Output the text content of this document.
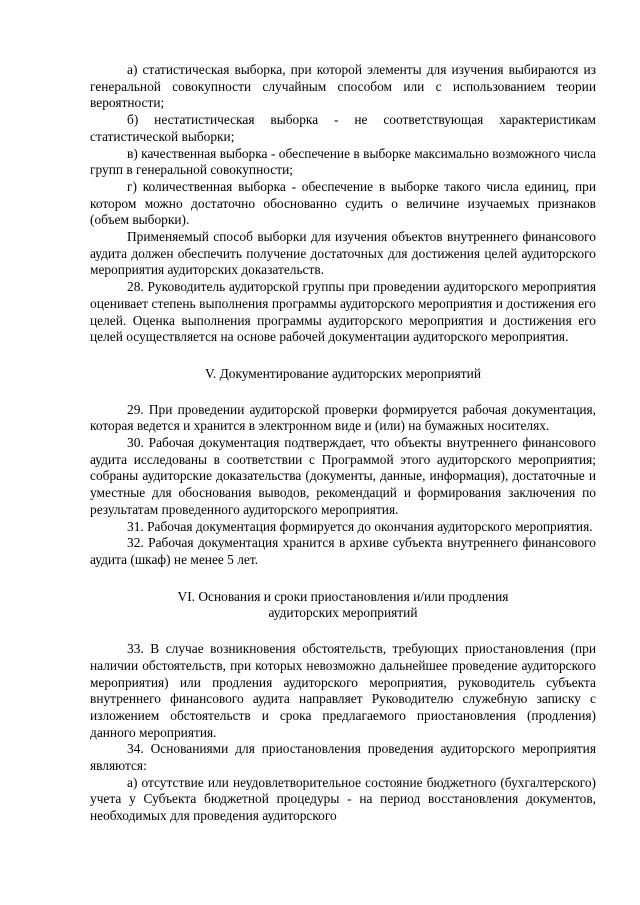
а) статистическая выборка, при которой элементы для изучения выбираются из генеральной совокупности случайным способом или с использованием теории вероятности;

б) нестатистическая выборка - не соответствующая характеристикам статистической выборки;

в) качественная выборка - обеспечение в выборке максимально возможного числа групп в генеральной совокупности;

г) количественная выборка - обеспечение в выборке такого числа единиц, при котором можно достаточно обоснованно судить о величине изучаемых признаков (объем выборки).

Применяемый способ выборки для изучения объектов внутреннего финансового аудита должен обеспечить получение достаточных для достижения целей аудиторского мероприятия аудиторских доказательств.

28. Руководитель аудиторской группы при проведении аудиторского мероприятия оценивает степень выполнения программы аудиторского мероприятия и достижения его целей. Оценка выполнения программы аудиторского мероприятия и достижения его целей осуществляется на основе рабочей документации аудиторского мероприятия.

V. Документирование аудиторских мероприятий

29. При проведении аудиторской проверки формируется рабочая документация, которая ведется и хранится в электронном виде и (или) на бумажных носителях.

30. Рабочая документация подтверждает, что объекты внутреннего финансового аудита исследованы в соответствии с Программой этого аудиторского мероприятия; собраны аудиторские доказательства (документы, данные, информация), достаточные и уместные для обоснования выводов, рекомендаций и формирования заключения по результатам проведенного аудиторского мероприятия.

31. Рабочая документация формируется до окончания аудиторского мероприятия.

32. Рабочая документация хранится в архиве субъекта внутреннего финансового аудита (шкаф) не менее 5 лет.

VI. Основания и сроки приостановления и/или продления

аудиторских мероприятий

33. В случае возникновения обстоятельств, требующих приостановления (при наличии обстоятельств, при которых невозможно дальнейшее проведение аудиторского мероприятия) или продления аудиторского мероприятия, руководитель субъекта внутреннего финансового аудита направляет Руководителю служебную записку с изложением обстоятельств и срока предлагаемого приостановления (продления) данного мероприятия.

34. Основаниями для приостановления проведения аудиторского мероприятия являются:

а) отсутствие или неудовлетворительное состояние бюджетного (бухгалтерского) учета у Субъекта бюджетной процедуры - на период восстановления документов, необходимых для проведения аудиторского
